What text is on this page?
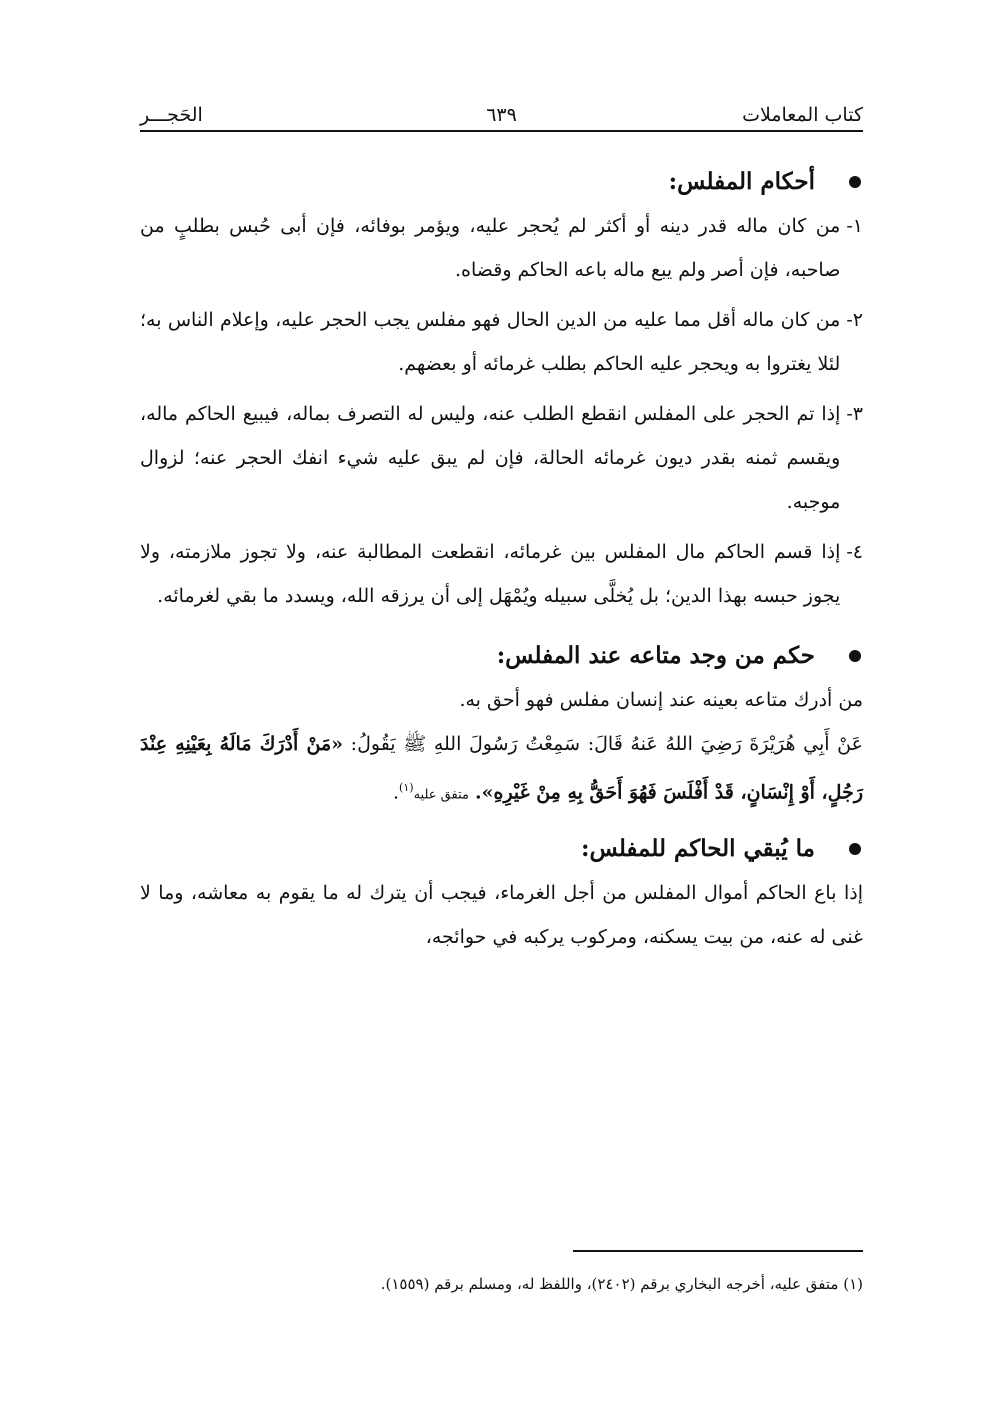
كتاب المعاملات
٦٣٩
الحَجـــر
أحكام المفلس:
١-
من كان ماله قدر دينه أو أكثر لم يُحجر عليه، ويؤمر بوفائه، فإن أبى حُبس بطلبٍ من صاحبه، فإن أصر ولم يبع ماله باعه الحاكم وقضاه.
٢-
من كان ماله أقل مما عليه من الدين الحال فهو مفلس يجب الحجر عليه، وإعلام الناس به؛ لئلا يغتروا به ويحجر عليه الحاكم بطلب غرمائه أو بعضهم.
٣-
إذا تم الحجر على المفلس انقطع الطلب عنه، وليس له التصرف بماله، فيبيع الحاكم ماله، ويقسم ثمنه بقدر ديون غرمائه الحالة، فإن لم يبق عليه شيء انفك الحجر عنه؛ لزوال موجبه.
٤-
إذا قسم الحاكم مال المفلس بين غرمائه، انقطعت المطالبة عنه، ولا تجوز ملازمته، ولا يجوز حبسه بهذا الدين؛ بل يُخلَّى سبيله ويُمْهَل إلى أن يرزقه الله، ويسدد ما بقي لغرمائه.
حكم من وجد متاعه عند المفلس:

من أدرك متاعه بعينه عند إنسان مفلس فهو أحق به.

عَنْ أَبِي هُرَيْرَةَ رَضِيَ اللهُ عَنهُ قَالَ: سَمِعْتُ رَسُولَ اللهِ ﷺ يَقُولُ: «مَنْ أَدْرَكَ مَالَهُ بِعَيْنِهِ عِنْدَ رَجُلٍ، أَوْ إِنْسَانٍ، قَدْ أَفْلَسَ فَهُوَ أَحَقُّ بِهِ مِنْ غَيْرِهِ». متفق عليه$^{(١)}$.

ما يُبقي الحاكم للمفلس:

إذا باع الحاكم أموال المفلس من أجل الغرماء، فيجب أن يترك له ما يقوم به معاشه، وما لا غنى له عنه، من بيت يسكنه، ومركوب يركبه في حوائجه،

(١) متفق عليه، أخرجه البخاري برقم (٢٤٠٢)، واللفظ له، ومسلم برقم (١٥٥٩).
